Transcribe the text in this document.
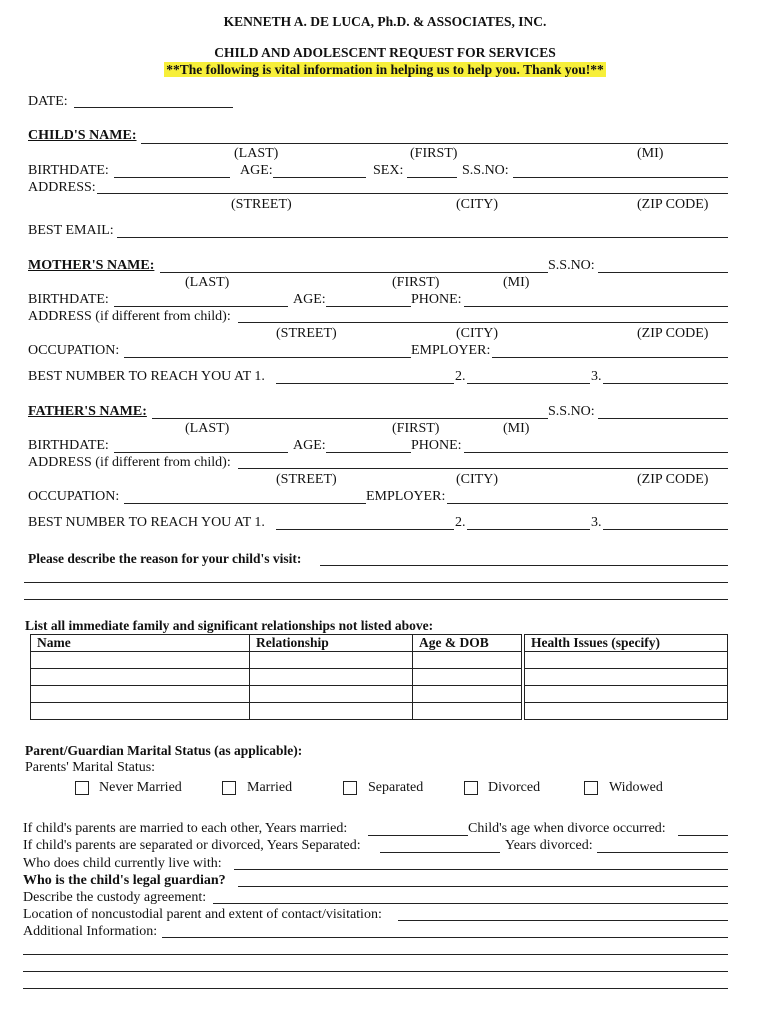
KENNETH A. DE LUCA, Ph.D. & ASSOCIATES, INC.
CHILD AND ADOLESCENT REQUEST FOR SERVICES
**The following is vital information in helping us to help you. Thank you!**
DATE:
CHILD'S NAME:
(LAST)	(FIRST)	(MI)
BIRTHDATE:	AGE:	SEX:	S.S.NO:
ADDRESS:
(STREET)	(CITY)	(ZIP CODE)
BEST EMAIL:
MOTHER'S NAME:	S.S.NO:
(LAST)	(FIRST)	(MI)
BIRTHDATE:	AGE:	PHONE:
ADDRESS (if different from child):
(STREET)	(CITY)	(ZIP CODE)
OCCUPATION:	EMPLOYER:
BEST NUMBER TO REACH YOU AT 1.	2.	3.
FATHER'S NAME:	S.S.NO:
(LAST)	(FIRST)	(MI)
BIRTHDATE:	AGE:	PHONE:
ADDRESS (if different from child):
(STREET)	(CITY)	(ZIP CODE)
OCCUPATION:	EMPLOYER:
BEST NUMBER TO REACH YOU AT 1.	2.	3.
Please describe the reason for your child's visit:
List all immediate family and significant relationships not listed above:
Name	Relationship	Age & DOB		Health Issues (specify)

Parent/Guardian Marital Status (as applicable):
Parents' Marital Status:
Never Married	Married	Separated	Divorced	Widowed
If child's parents are married to each other, Years married:	Child's age when divorce occurred:
If child's parents are separated or divorced, Years Separated:	Years divorced:
Who does child currently live with:
Who is the child's legal guardian?
Describe the custody agreement:
Location of noncustodial parent and extent of contact/visitation:
Additional Information:
